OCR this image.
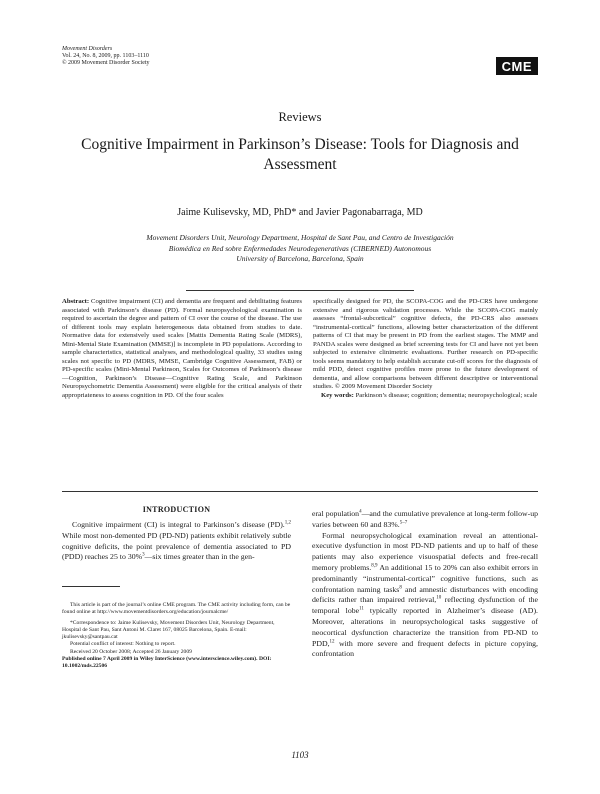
Movement Disorders
Vol. 24, No. 8, 2009, pp. 1103–1110
© 2009 Movement Disorder Society	CME
Reviews
Cognitive Impairment in Parkinson’s Disease: Tools for Diagnosis and Assessment
Jaime Kulisevsky, MD, PhD* and Javier Pagonabarraga, MD
Movement Disorders Unit, Neurology Department, Hospital de Sant Pau, and Centro de Investigación
Biomédica en Red sobre Enfermedades Neurodegenerativas (CIBERNED) Autonomous
University of Barcelona, Barcelona, Spain
Abstract: Cognitive impairment (CI) and dementia are frequent and debilitating features associated with Parkinson’s disease (PD). Formal neuropsychological examination is required to ascertain the degree and pattern of CI over the course of the disease. The use of different tools may explain heterogeneous data obtained from studies to date. Normative data for extensively used scales [Mattis Dementia Rating Scale (MDRS), Mini-Mental State Examination (MMSE)] is incomplete in PD populations. According to sample characteristics, statistical analyses, and methodological quality, 33 studies using scales not specific to PD (MDRS, MMSE, Cambridge Cognitive Assessment, FAB) or PD-specific scales (Mini-Mental Parkinson, Scales for Outcomes of Parkinson’s disease—Cognition, Parkinson’s Disease—Cognitive Rating Scale, and Parkinson Neuropsychometric Dementia Assessment) were eligible for the critical analysis of their appropriateness to assess cognition in PD. Of the four scales
specifically designed for PD, the SCOPA-COG and the PD-CRS have undergone extensive and rigorous validation processes. While the SCOPA-COG mainly assesses “frontal-subcortical” cognitive defects, the PD-CRS also assesses “instrumental-cortical” functions, allowing better characterization of the different patterns of CI that may be present in PD from the earliest stages. The MMP and PANDA scales were designed as brief screening tests for CI and have not yet been subjected to extensive clinimetric evaluations. Further research on PD-specific tools seems mandatory to help establish accurate cut-off scores for the diagnosis of mild PDD, detect cognitive profiles more prone to the future development of dementia, and allow comparisons between different descriptive or interventional studies. © 2009 Movement Disorder Society
Key words: Parkinson’s disease; cognition; dementia; neuropsychological; scale
INTRODUCTION
Cognitive impairment (CI) is integral to Parkinson’s disease (PD).$^{1,2}$ While most non-demented PD (PD-ND) patients exhibit relatively subtle cognitive deficits, the point prevalence of dementia associated to PD (PDD) reaches 25 to 30%$^3$—six times greater than in the gen-
eral population$^4$—and the cumulative prevalence at long-term follow-up varies between 60 and 83%.$^{5-7}$
Formal neuropsychological examination reveal an attentional-executive dysfunction in most PD-ND patients and up to half of these patients may also experience visuospatial defects and free-recall memory problems.$^{8,9}$ An additional 15 to 20% can also exhibit errors in predominantly “instrumental-cortical” cognitive functions, such as confrontation naming tasks$^8$ and amnestic disturbances with encoding deficits rather than impaired retrieval,$^{10}$ reflecting dysfunction of the temporal lobe$^{11}$ typically reported in Alzheimer’s disease (AD). Moreover, alterations in neuropsychological tasks suggestive of neocortical dysfunction characterize the transition from PD-ND to PDD,$^{12}$ with more severe and frequent defects in picture copying, confrontation

This article is part of the journal’s online CME program. The CME activity including form, can be found online at http://www.movementdisorders.org/education/journalcme/

*Correspondence to: Jaime Kulisevsky, Movement Disorders Unit, Neurology Department, Hospital de Sant Pau, Sant Antoni M. Claret 167, 08025 Barcelona, Spain. E-mail: jkulisevsky@santpau.cat

Potential conflict of interest: Nothing to report.

Received 20 October 2008; Accepted 26 January 2009

Published online 7 April 2009 in Wiley InterScience (www.interscience.wiley.com). DOI: 10.1002/mds.22506

1103
